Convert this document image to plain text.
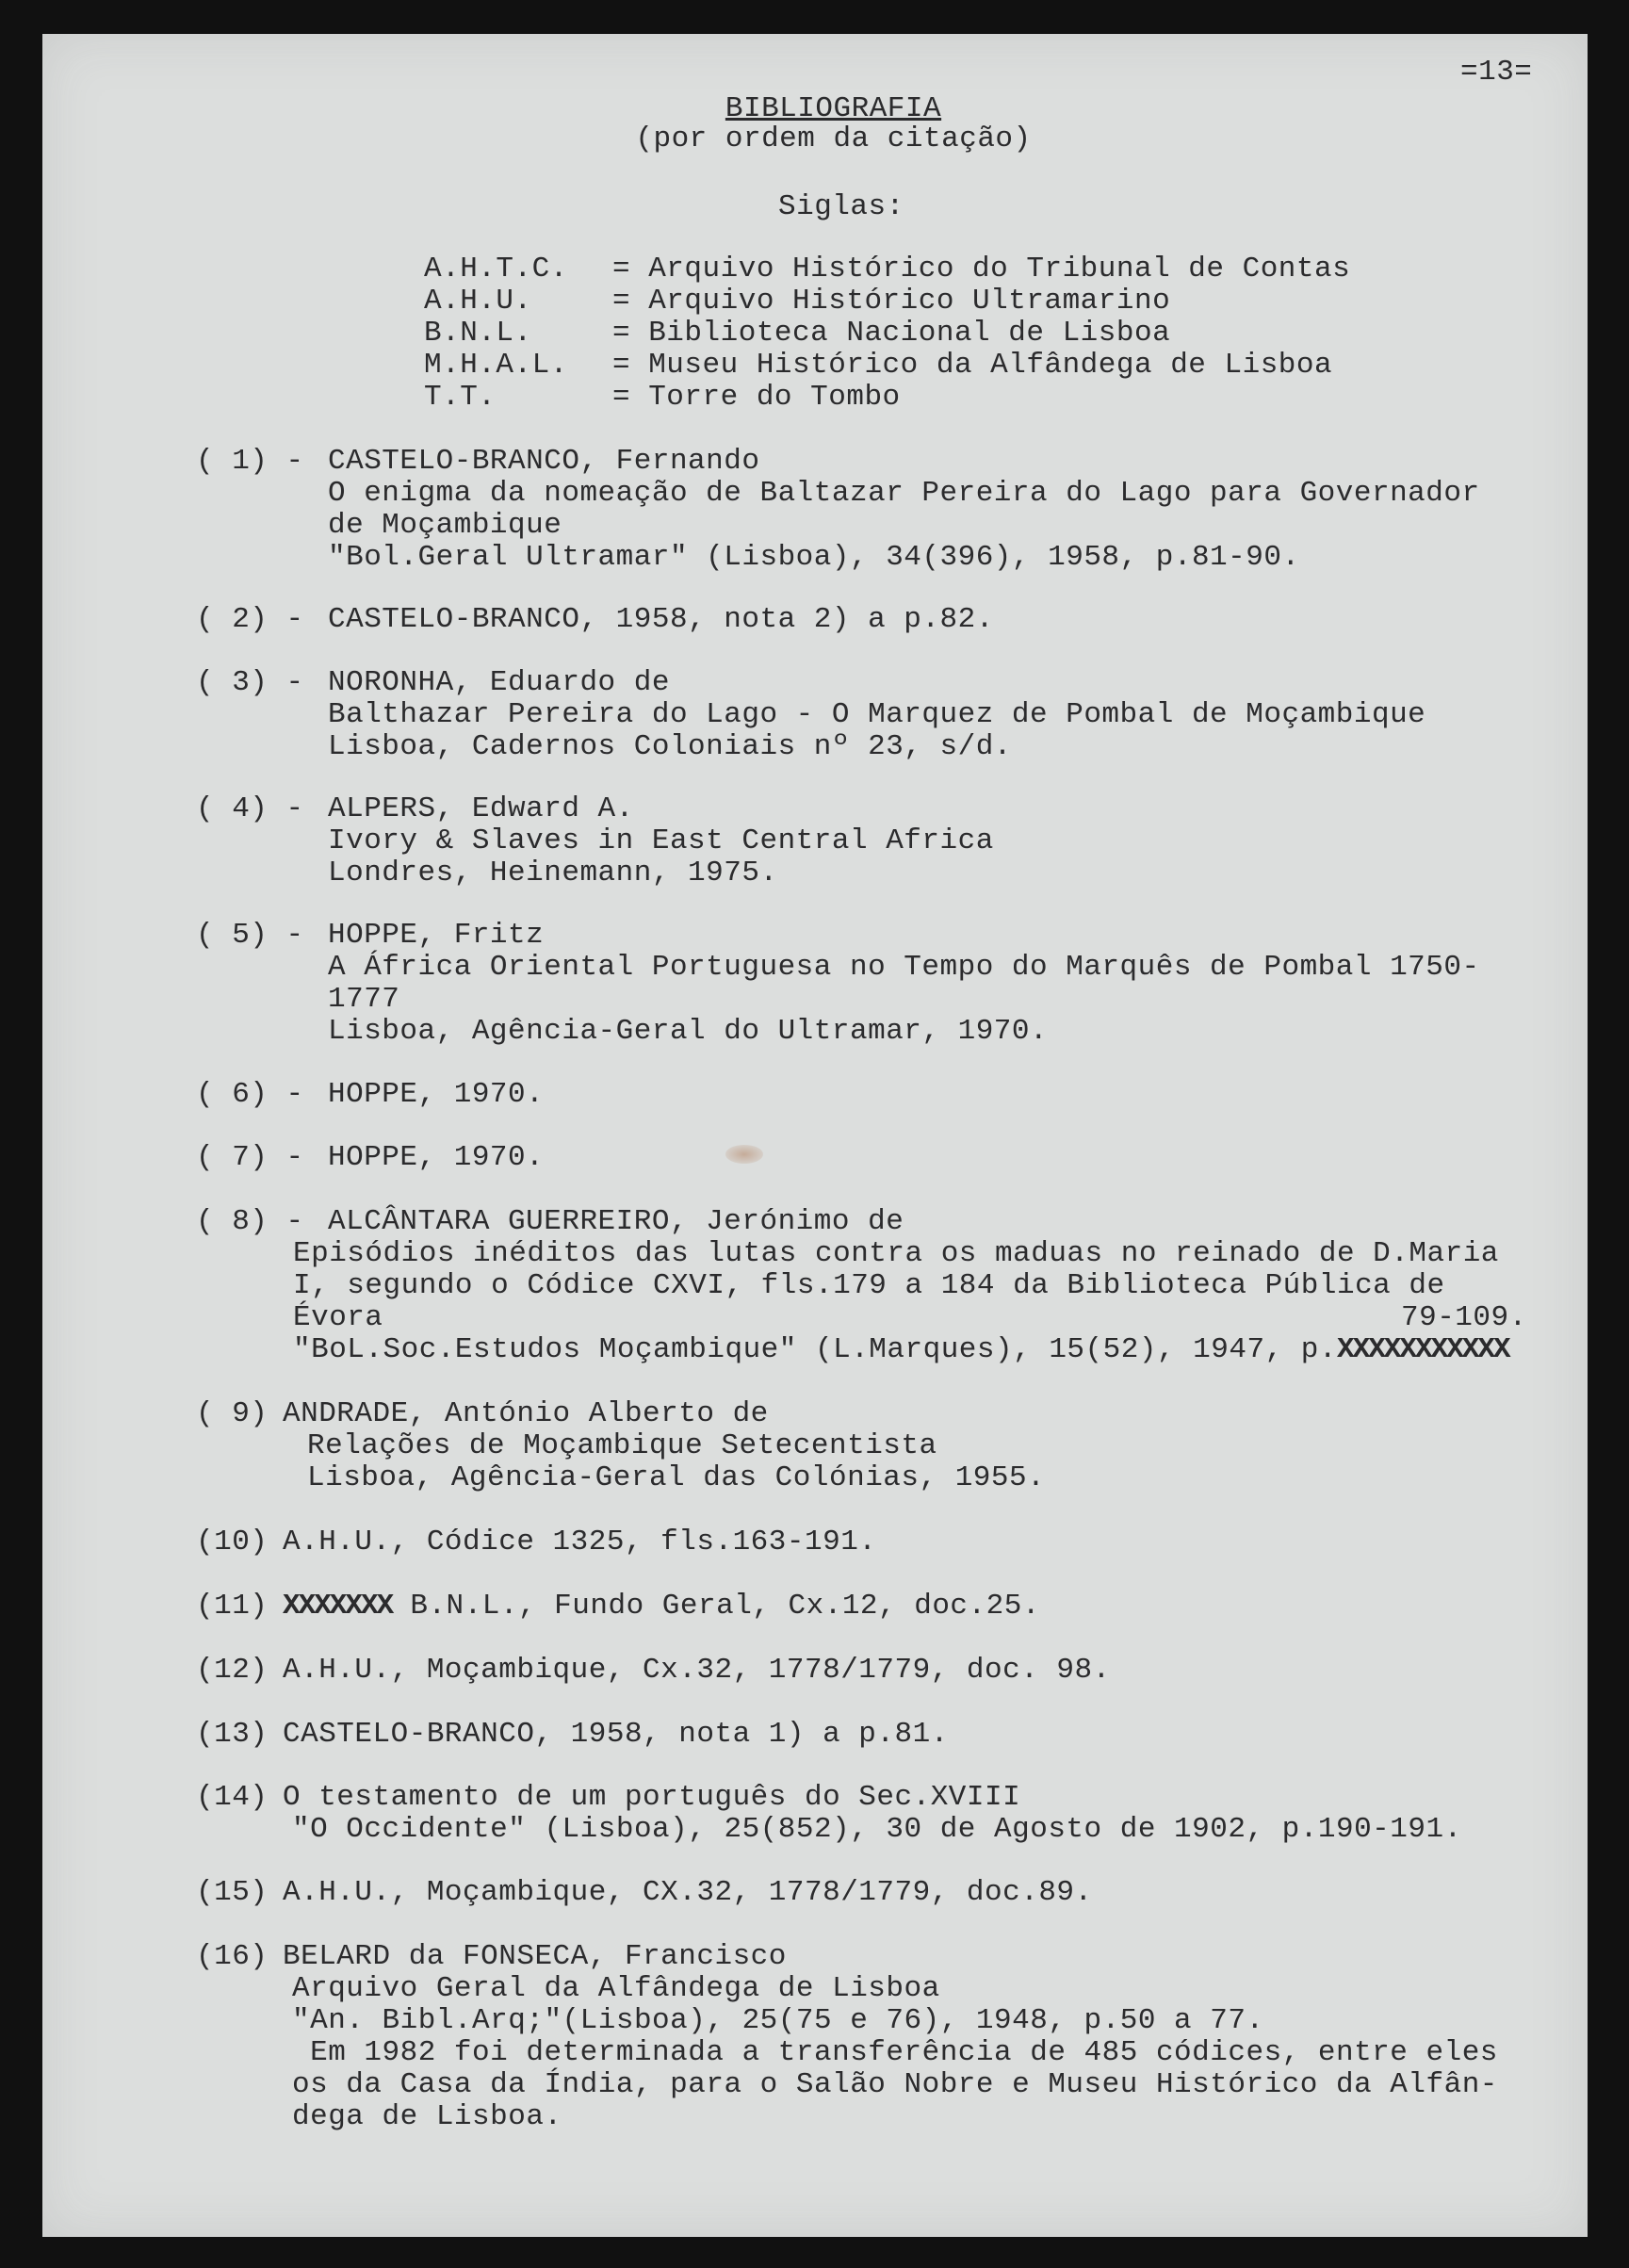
=13=
BIBLIOGRAFIA
(por ordem da citação)
Siglas:
A.H.T.C. = Arquivo Histórico do Tribunal de Contas
A.H.U.	= Arquivo Histórico Ultramarino
B.N.L.	= Biblioteca Nacional de Lisboa
M.H.A.L. = Museu Histórico da Alfândega de Lisboa
T.T.	= Torre do Tombo
( 1) - CASTELO-BRANCO, Fernando
O enigma da nomeação de Baltazar Pereira do Lago para Governador
de Moçambique
"Bol.Geral Ultramar" (Lisboa), 34(396), 1958, p.81-90.
( 2) - CASTELO-BRANCO, 1958, nota 2) a p.82.
( 3) - NORONHA, Eduardo de
Balthazar Pereira do Lago - O Marquez de Pombal de Moçambique
Lisboa, Cadernos Coloniais nº 23, s/d.
( 4) - ALPERS, Edward A.
Ivory & Slaves in East Central Africa
Londres, Heinemann, 1975.
( 5) - HOPPE, Fritz
A África Oriental Portuguesa no Tempo do Marquês de Pombal 1750-
1777
Lisboa, Agência-Geral do Ultramar, 1970.
( 6) - HOPPE, 1970.
( 7) - HOPPE, 1970.
( 8) - ALCÂNTARA GUERREIRO, Jerónimo de
Episódios inéditos das lutas contra os maduas no reinado de D.Maria
I, segundo o Códice CXVI, fls.179 a 184 da Biblioteca Pública de
Évora	79-109.
"BoL.Soc.Estudos Moçambique" (L.Marques), 15(52), 1947, p.XXXXXXXXXXX
( 9) ANDRADE, António Alberto de
Relações de Moçambique Setecentista
Lisboa, Agência-Geral das Colónias, 1955.
(10) A.H.U., Códice 1325, fls.163-191.
(11) XXXXXXX B.N.L., Fundo Geral, Cx.12, doc.25.
(12) A.H.U., Moçambique, Cx.32, 1778/1779, doc. 98.
(13) CASTELO-BRANCO, 1958, nota 1) a p.81.
(14) O testamento de um português do Sec.XVIII
"O Occidente" (Lisboa), 25(852), 30 de Agosto de 1902, p.190-191.
(15) A.H.U., Moçambique, CX.32, 1778/1779, doc.89.
(16) BELARD da FONSECA, Francisco
Arquivo Geral da Alfândega de Lisboa
"An. Bibl.Arq;"(Lisboa), 25(75 e 76), 1948, p.50 a 77.
Em 1982 foi determinada a transferência de 485 códices, entre eles
os da Casa da Índia, para o Salão Nobre e Museu Histórico da Alfân-
dega de Lisboa.
